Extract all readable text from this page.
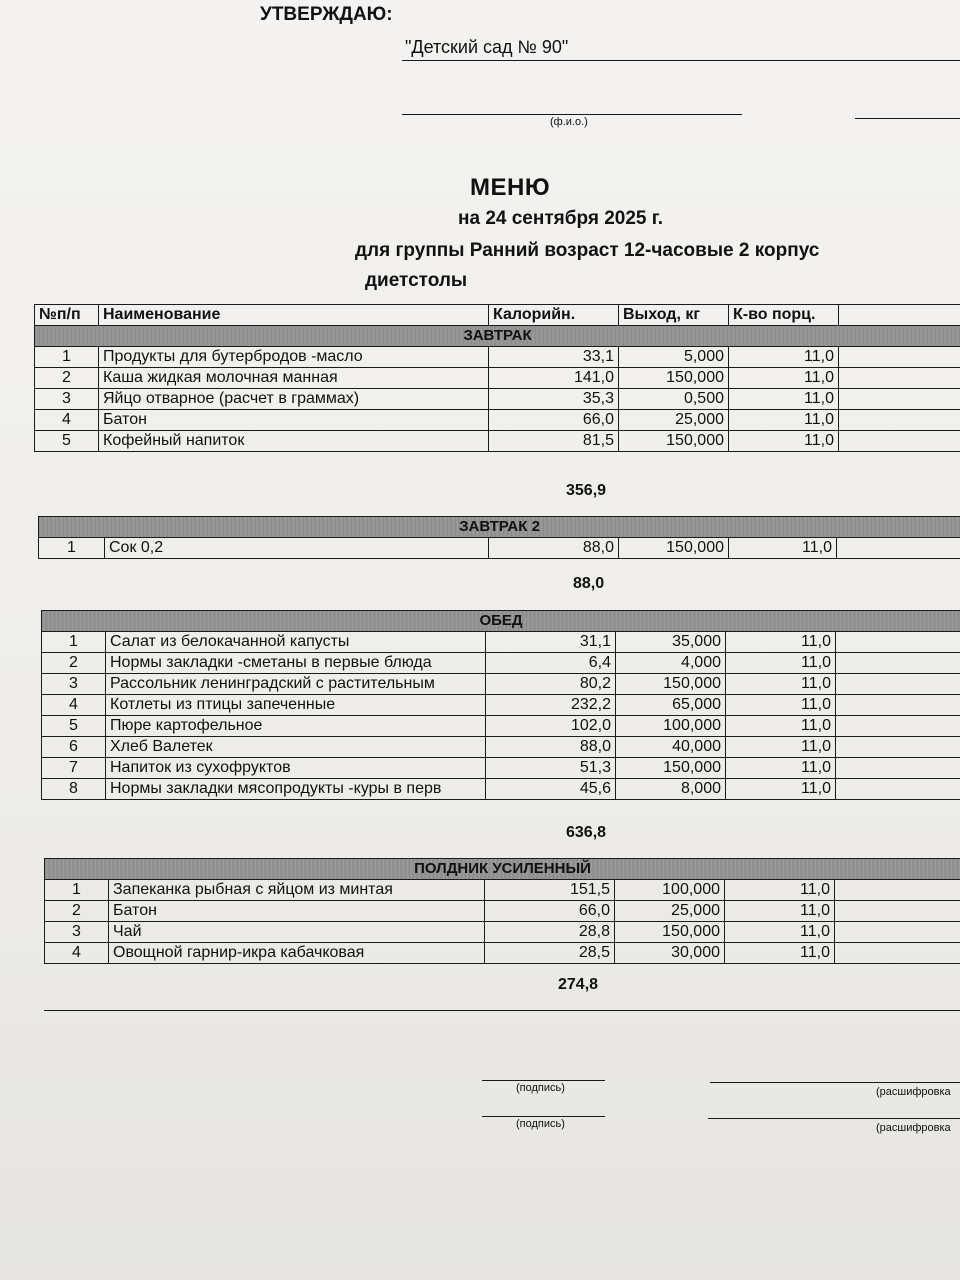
УТВЕРЖДАЮ:
"Детский сад № 90"
(ф.и.о.)
МЕНЮ
на 24 сентября 2025 г.
для группы Ранний возраст 12-часовые 2 корпус
диетстолы
№п/п	Наименование	Калорийн.	Выход, кг	К-во порц.	
ЗАВТРАК					
1	Продукты для бутербродов -масло	33,1	5,000	11,0	
2	Каша жидкая молочная манная	141,0	150,000	11,0	
3	Яйцо отварное (расчет в граммах)	35,3	0,500	11,0	
4	Батон	66,0	25,000	11,0	
5	Кофейный напиток	81,5	150,000	11,0	
356,9
ЗАВТРАК 2
1	Сок 0,2	88,0	150,000	11,0	
88,0
ОБЕД					
1	Салат из белокачанной капусты	31,1	35,000	11,0	
2	Нормы закладки -сметаны в первые блюда	6,4	4,000	11,0	
3	Рассольник ленинградский с растительным	80,2	150,000	11,0	
4	Котлеты из птицы запеченные	232,2	65,000	11,0	
5	Пюре картофельное	102,0	100,000	11,0	
6	Хлеб Валетек	88,0	40,000	11,0	
7	Напиток из сухофруктов	51,3	150,000	11,0	
8	Нормы закладки мясопродукты -куры в перв	45,6	8,000	11,0	
636,8
ПОЛДНИК УСИЛЕННЫЙ					
1	Запеканка рыбная с яйцом из минтая	151,5	100,000	11,0	
2	Батон	66,0	25,000	11,0	
3	Чай	28,8	150,000	11,0	
4	Овощной гарнир-икра кабачковая	28,5	30,000	11,0	
274,8
(подпись)	(расшифровка
(подпись)	(расшифровка
